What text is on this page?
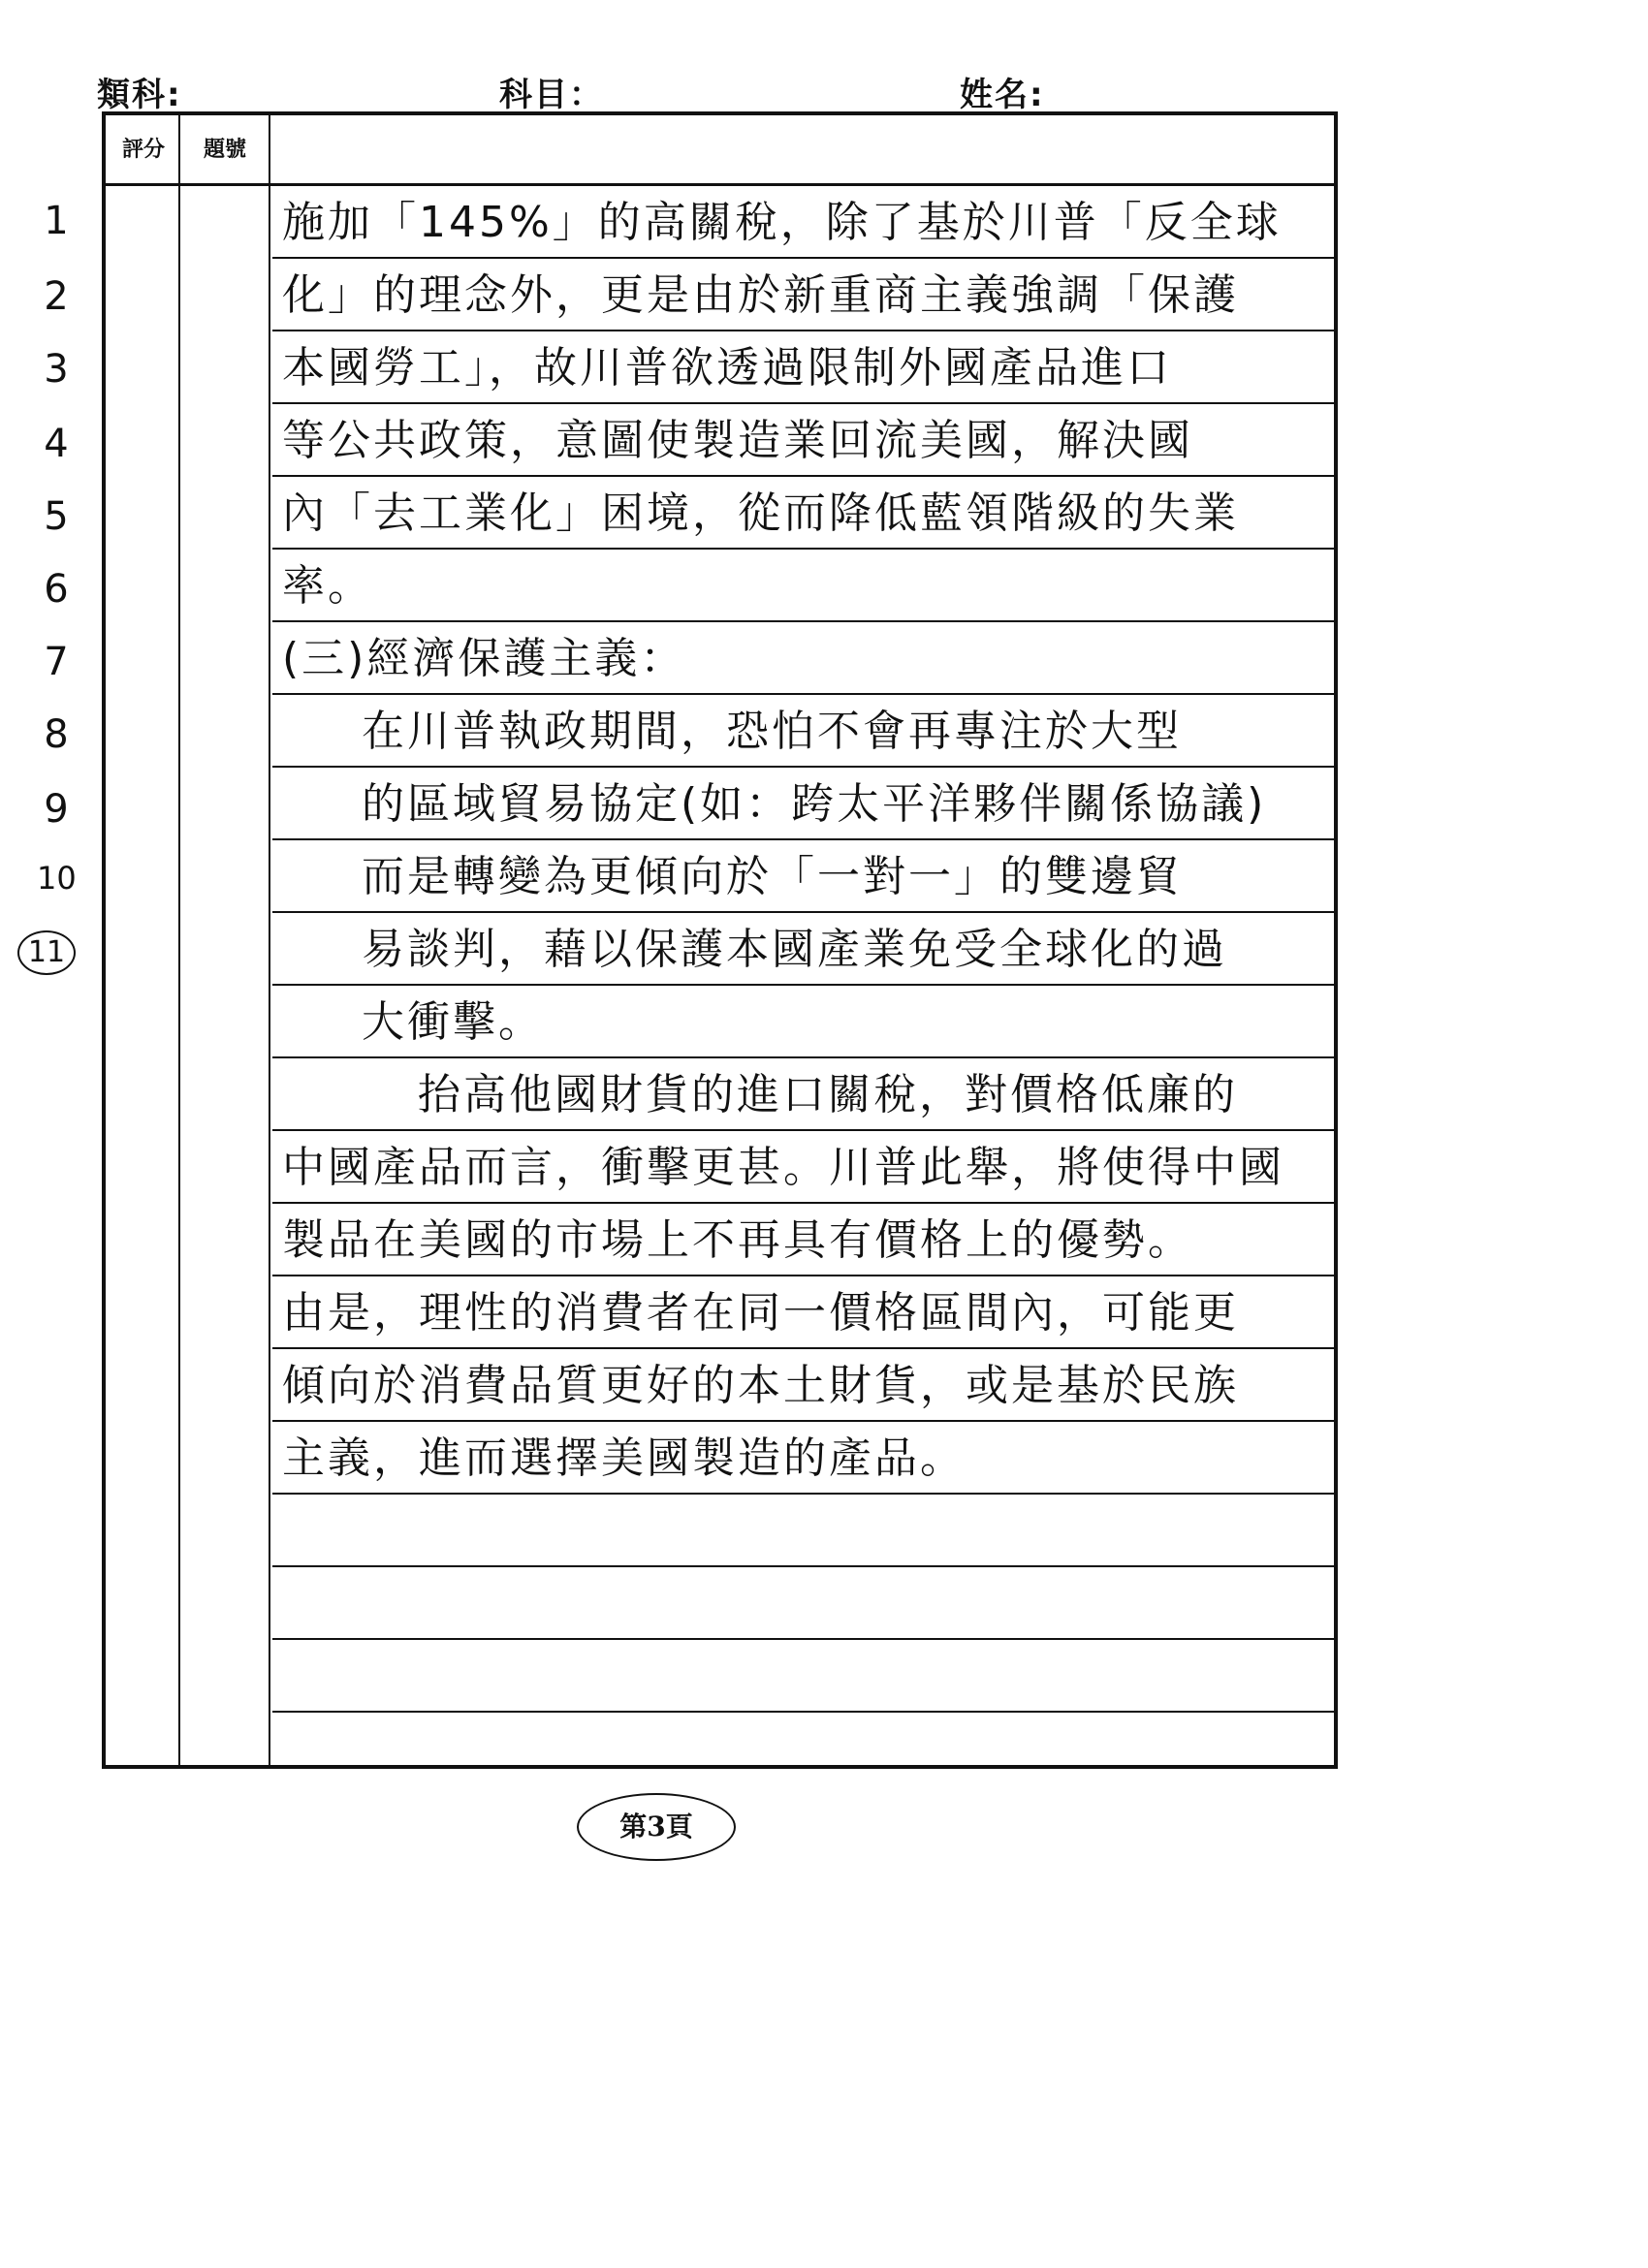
類科:	科目：	姓名:
1
2
3
4
5
6
7
8
9
10
11
評分	題號
施加「145%」的高關稅，除了基於川普「反全球
化」的理念外，更是由於新重商主義強調「保護
本國勞工」，故川普欲透過限制外國產品進口
等公共政策，意圖使製造業回流美國，解決國
內「去工業化」困境，從而降低藍領階級的失業
率。
(三)經濟保護主義：
在川普執政期間，恐怕不會再專注於大型
的區域貿易協定(如：跨太平洋夥伴關係協議)
而是轉變為更傾向於「一對一」的雙邊貿
易談判，藉以保護本國產業免受全球化的過
大衝擊。
抬高他國財貨的進口關稅，對價格低廉的
中國產品而言，衝擊更甚。川普此舉，將使得中國
製品在美國的市場上不再具有價格上的優勢。
由是，理性的消費者在同一價格區間內，可能更
傾向於消費品質更好的本土財貨，或是基於民族
主義，進而選擇美國製造的產品。
第3頁
